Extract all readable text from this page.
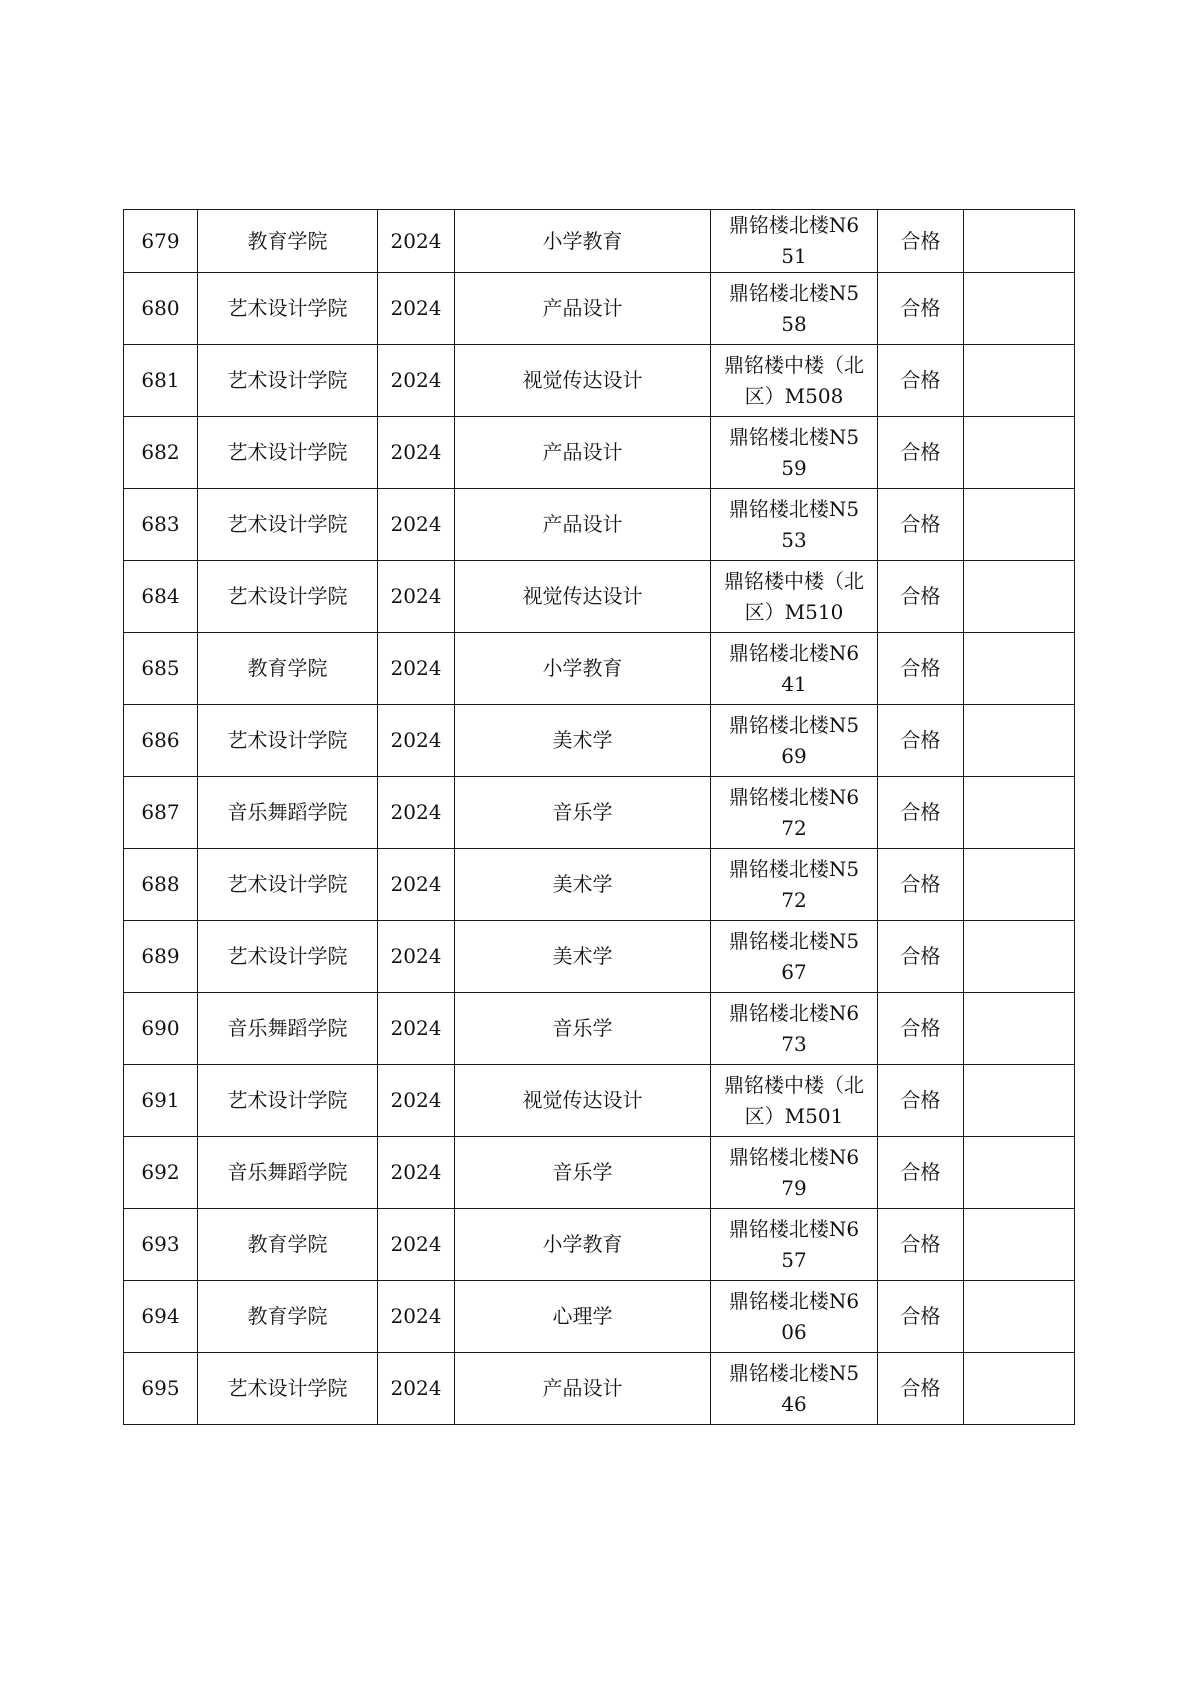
679	教育学院	2024	小学教育	鼎铭楼北楼N651	合格	
680	艺术设计学院	2024	产品设计	鼎铭楼北楼N558	合格	
681	艺术设计学院	2024	视觉传达设计	鼎铭楼中楼（北区）M508	合格	
682	艺术设计学院	2024	产品设计	鼎铭楼北楼N559	合格	
683	艺术设计学院	2024	产品设计	鼎铭楼北楼N553	合格	
684	艺术设计学院	2024	视觉传达设计	鼎铭楼中楼（北区）M510	合格	
685	教育学院	2024	小学教育	鼎铭楼北楼N641	合格	
686	艺术设计学院	2024	美术学	鼎铭楼北楼N569	合格	
687	音乐舞蹈学院	2024	音乐学	鼎铭楼北楼N672	合格	
688	艺术设计学院	2024	美术学	鼎铭楼北楼N572	合格	
689	艺术设计学院	2024	美术学	鼎铭楼北楼N567	合格	
690	音乐舞蹈学院	2024	音乐学	鼎铭楼北楼N673	合格	
691	艺术设计学院	2024	视觉传达设计	鼎铭楼中楼（北区）M501	合格	
692	音乐舞蹈学院	2024	音乐学	鼎铭楼北楼N679	合格	
693	教育学院	2024	小学教育	鼎铭楼北楼N657	合格	
694	教育学院	2024	心理学	鼎铭楼北楼N606	合格	
695	艺术设计学院	2024	产品设计	鼎铭楼北楼N546	合格	
